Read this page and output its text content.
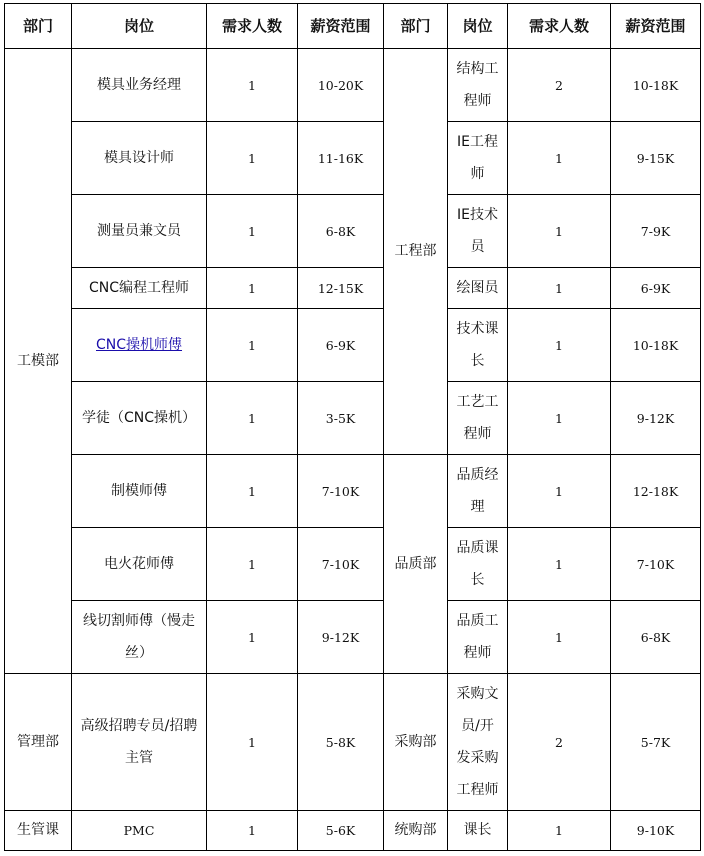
部门	岗位	需求人数	薪资范围	部门	岗位	需求人数	薪资范围
工模部	模具业务经理	1	10-20K	工程部	结构工程师	2	10-18K
	模具设计师	1	11-16K		IE工程师	1	9-15K
	测量员兼文员	1	6-8K		IE技术员	1	7-9K
	CNC编程工程师	1	12-15K		绘图员	1	6-9K
	CNC操机师傅	1	6-9K		技术课长	1	10-18K
	学徒（CNC操机）	1	3-5K		工艺工程师	1	9-12K
	制模师傅	1	7-10K	品质部	品质经理	1	12-18K
	电火花师傅	1	7-10K		品质课长	1	7-10K
	线切割师傅（慢走丝）	1	9-12K		品质工程师	1	6-8K
管理部	高级招聘专员/招聘主管	1	5-8K	采购部	采购文员/开发采购工程师	2	5-7K
生管课	PMC	1	5-6K	统购部	课长	1	9-10K
